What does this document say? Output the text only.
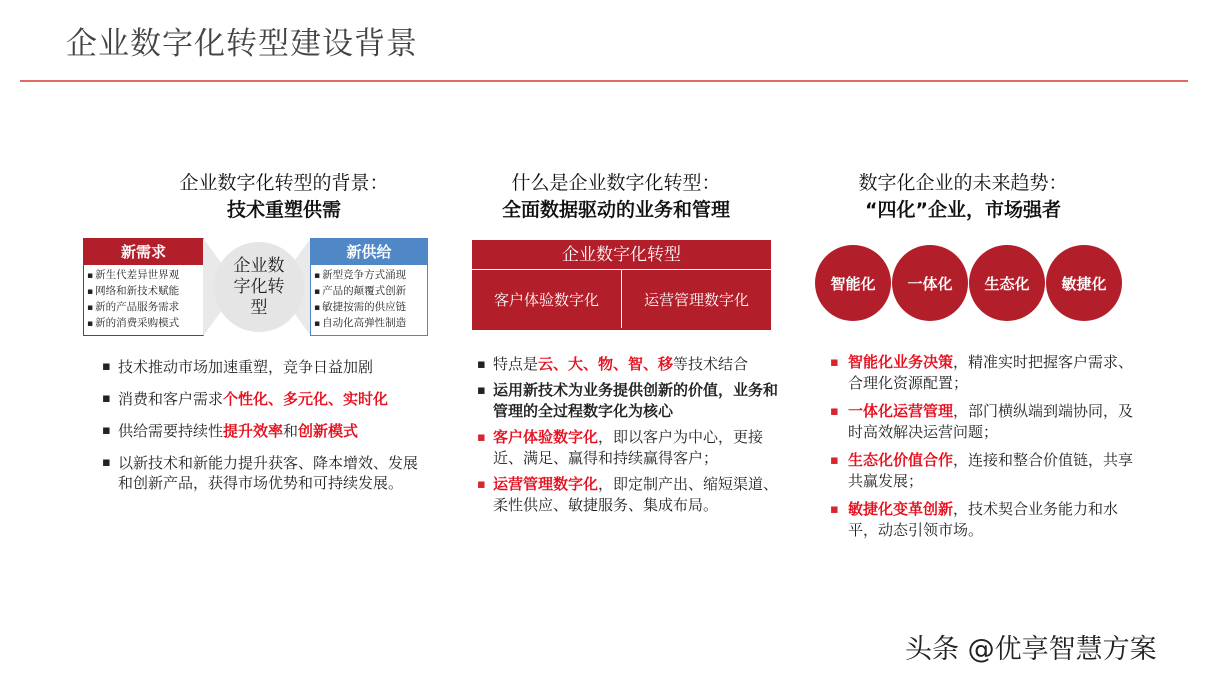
企业数字化转型建设背景
企业数字化转型的背景：
技术重塑供需
新需求
▪ 新生代差异世界观
▪ 网络和新技术赋能
▪ 新的产品服务需求
▪ 新的消费采购模式
企业数字化转型
新供给
▪ 新型竞争方式涌现
▪ 产品的颠覆式创新
▪ 敏捷按需的供应链
▪ 自动化高弹性制造
▪ 技术推动市场加速重塑，竞争日益加剧
▪ 消费和客户需求个性化、多元化、实时化
▪ 供给需要持续性提升效率和创新模式
▪ 以新技术和新能力提升获客、降本增效、发展和创新产品，获得市场优势和可持续发展。
什么是企业数字化转型：
全面数据驱动的业务和管理
企业数字化转型
客户体验数字化	运营管理数字化
▪ 特点是云、大、物、智、移等技术结合
▪ 运用新技术为业务提供创新的价值，业务和管理的全过程数字化为核心
▪ 客户体验数字化，即以客户为中心，更接近、满足、赢得和持续赢得客户；
▪ 运营管理数字化，即定制产出、缩短渠道、柔性供应、敏捷服务、集成布局。
数字化企业的未来趋势：
“四化”企业，市场强者
智能化	一体化	生态化	敏捷化
▪ 智能化业务决策，精准实时把握客户需求、合理化资源配置；
▪ 一体化运营管理，部门横纵端到端协同，及时高效解决运营问题；
▪ 生态化价值合作，连接和整合价值链，共享共赢发展；
▪ 敏捷化变革创新，技术契合业务能力和水平，动态引领市场。
头条 @优享智慧方案
